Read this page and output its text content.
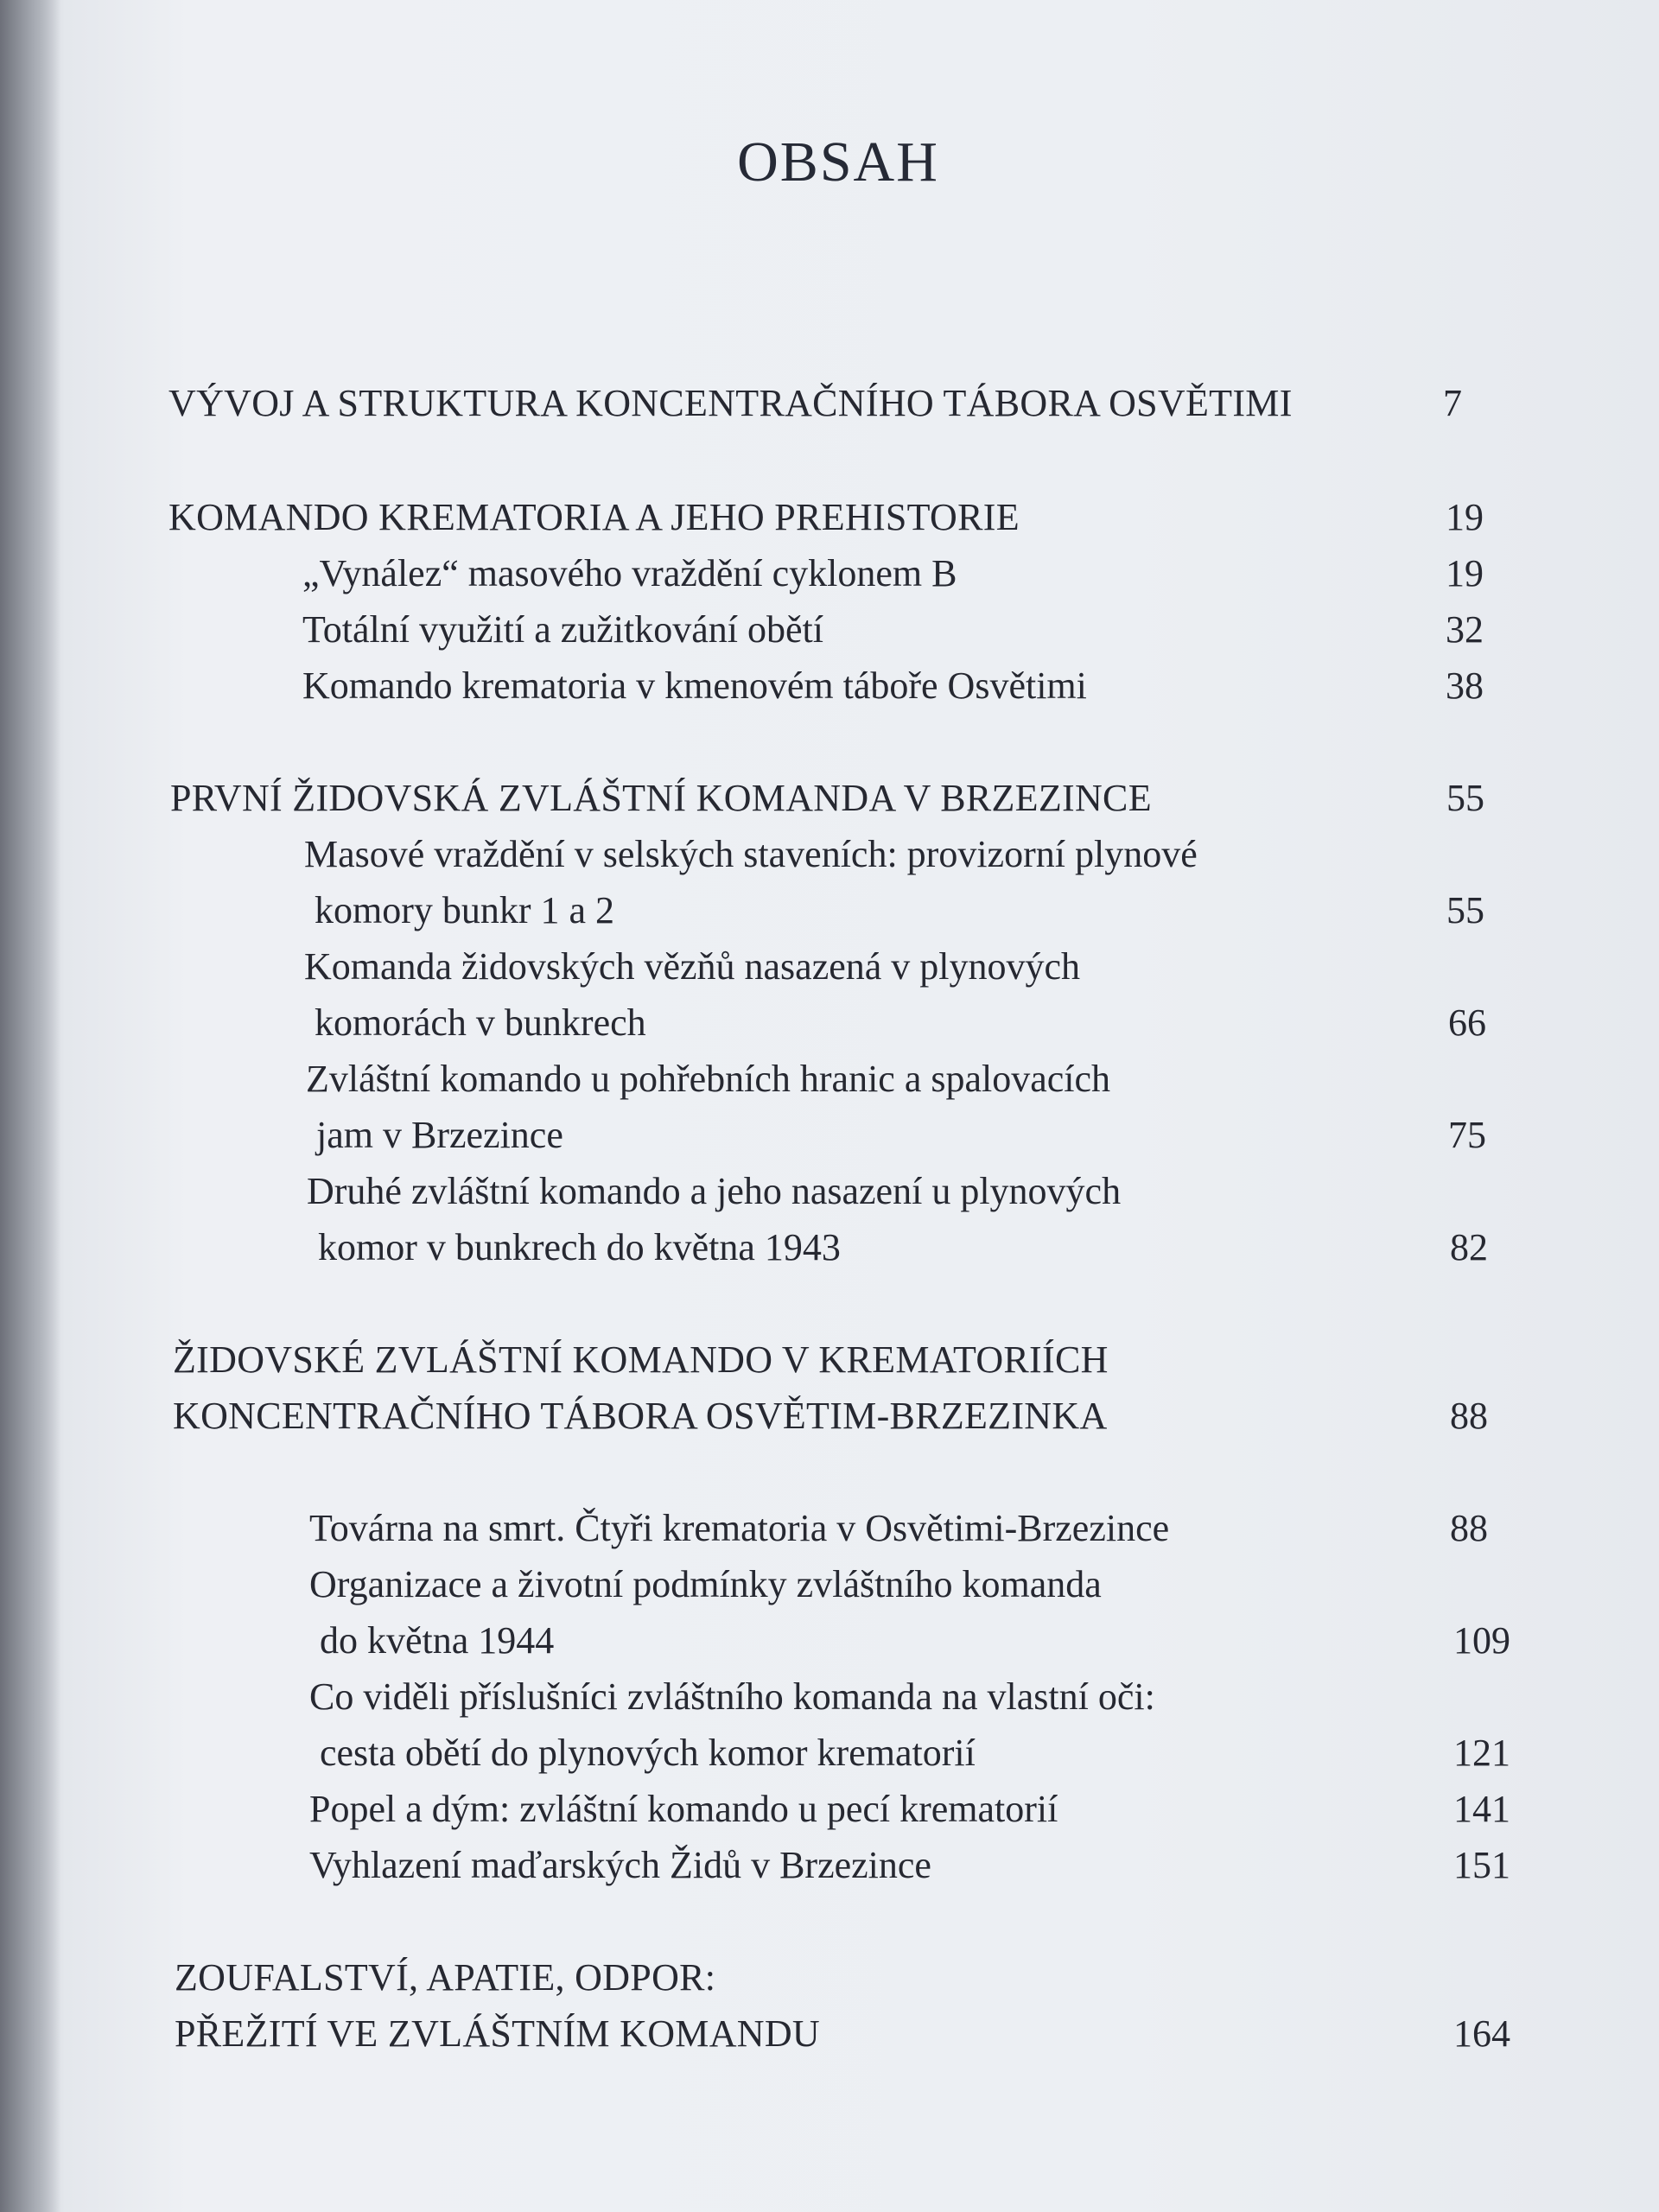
OBSAH
VÝVOJ A STRUKTURA KONCENTRAČNÍHO TÁBORA OSVĚTIMI	7
KOMANDO KREMATORIA A JEHO PREHISTORIE	19
„Vynález“ masového vraždění cyklonem B	19
Totální využití a zužitkování obětí	32
Komando krematoria v kmenovém táboře Osvětimi	38
PRVNÍ ŽIDOVSKÁ ZVLÁŠTNÍ KOMANDA V BRZEZINCE	55
Masové vraždění v selských staveních: provizorní plynové
komory bunkr 1 a 2	55
Komanda židovských vězňů nasazená v plynových
komorách v bunkrech	66
Zvláštní komando u pohřebních hranic a spalovacích
jam v Brzezince	75
Druhé zvláštní komando a jeho nasazení u plynových
komor v bunkrech do května 1943	82
ŽIDOVSKÉ ZVLÁŠTNÍ KOMANDO V KREMATORIÍCH
KONCENTRAČNÍHO TÁBORA OSVĚTIM-BRZEZINKA	88
Továrna na smrt. Čtyři krematoria v Osvětimi-Brzezince	88
Organizace a životní podmínky zvláštního komanda
do května 1944	109
Co viděli příslušníci zvláštního komanda na vlastní oči:
cesta obětí do plynových komor krematorií	121
Popel a dým: zvláštní komando u pecí krematorií	141
Vyhlazení maďarských Židů v Brzezince	151
ZOUFALSTVÍ, APATIE, ODPOR:
PŘEŽITÍ VE ZVLÁŠTNÍM KOMANDU	164
